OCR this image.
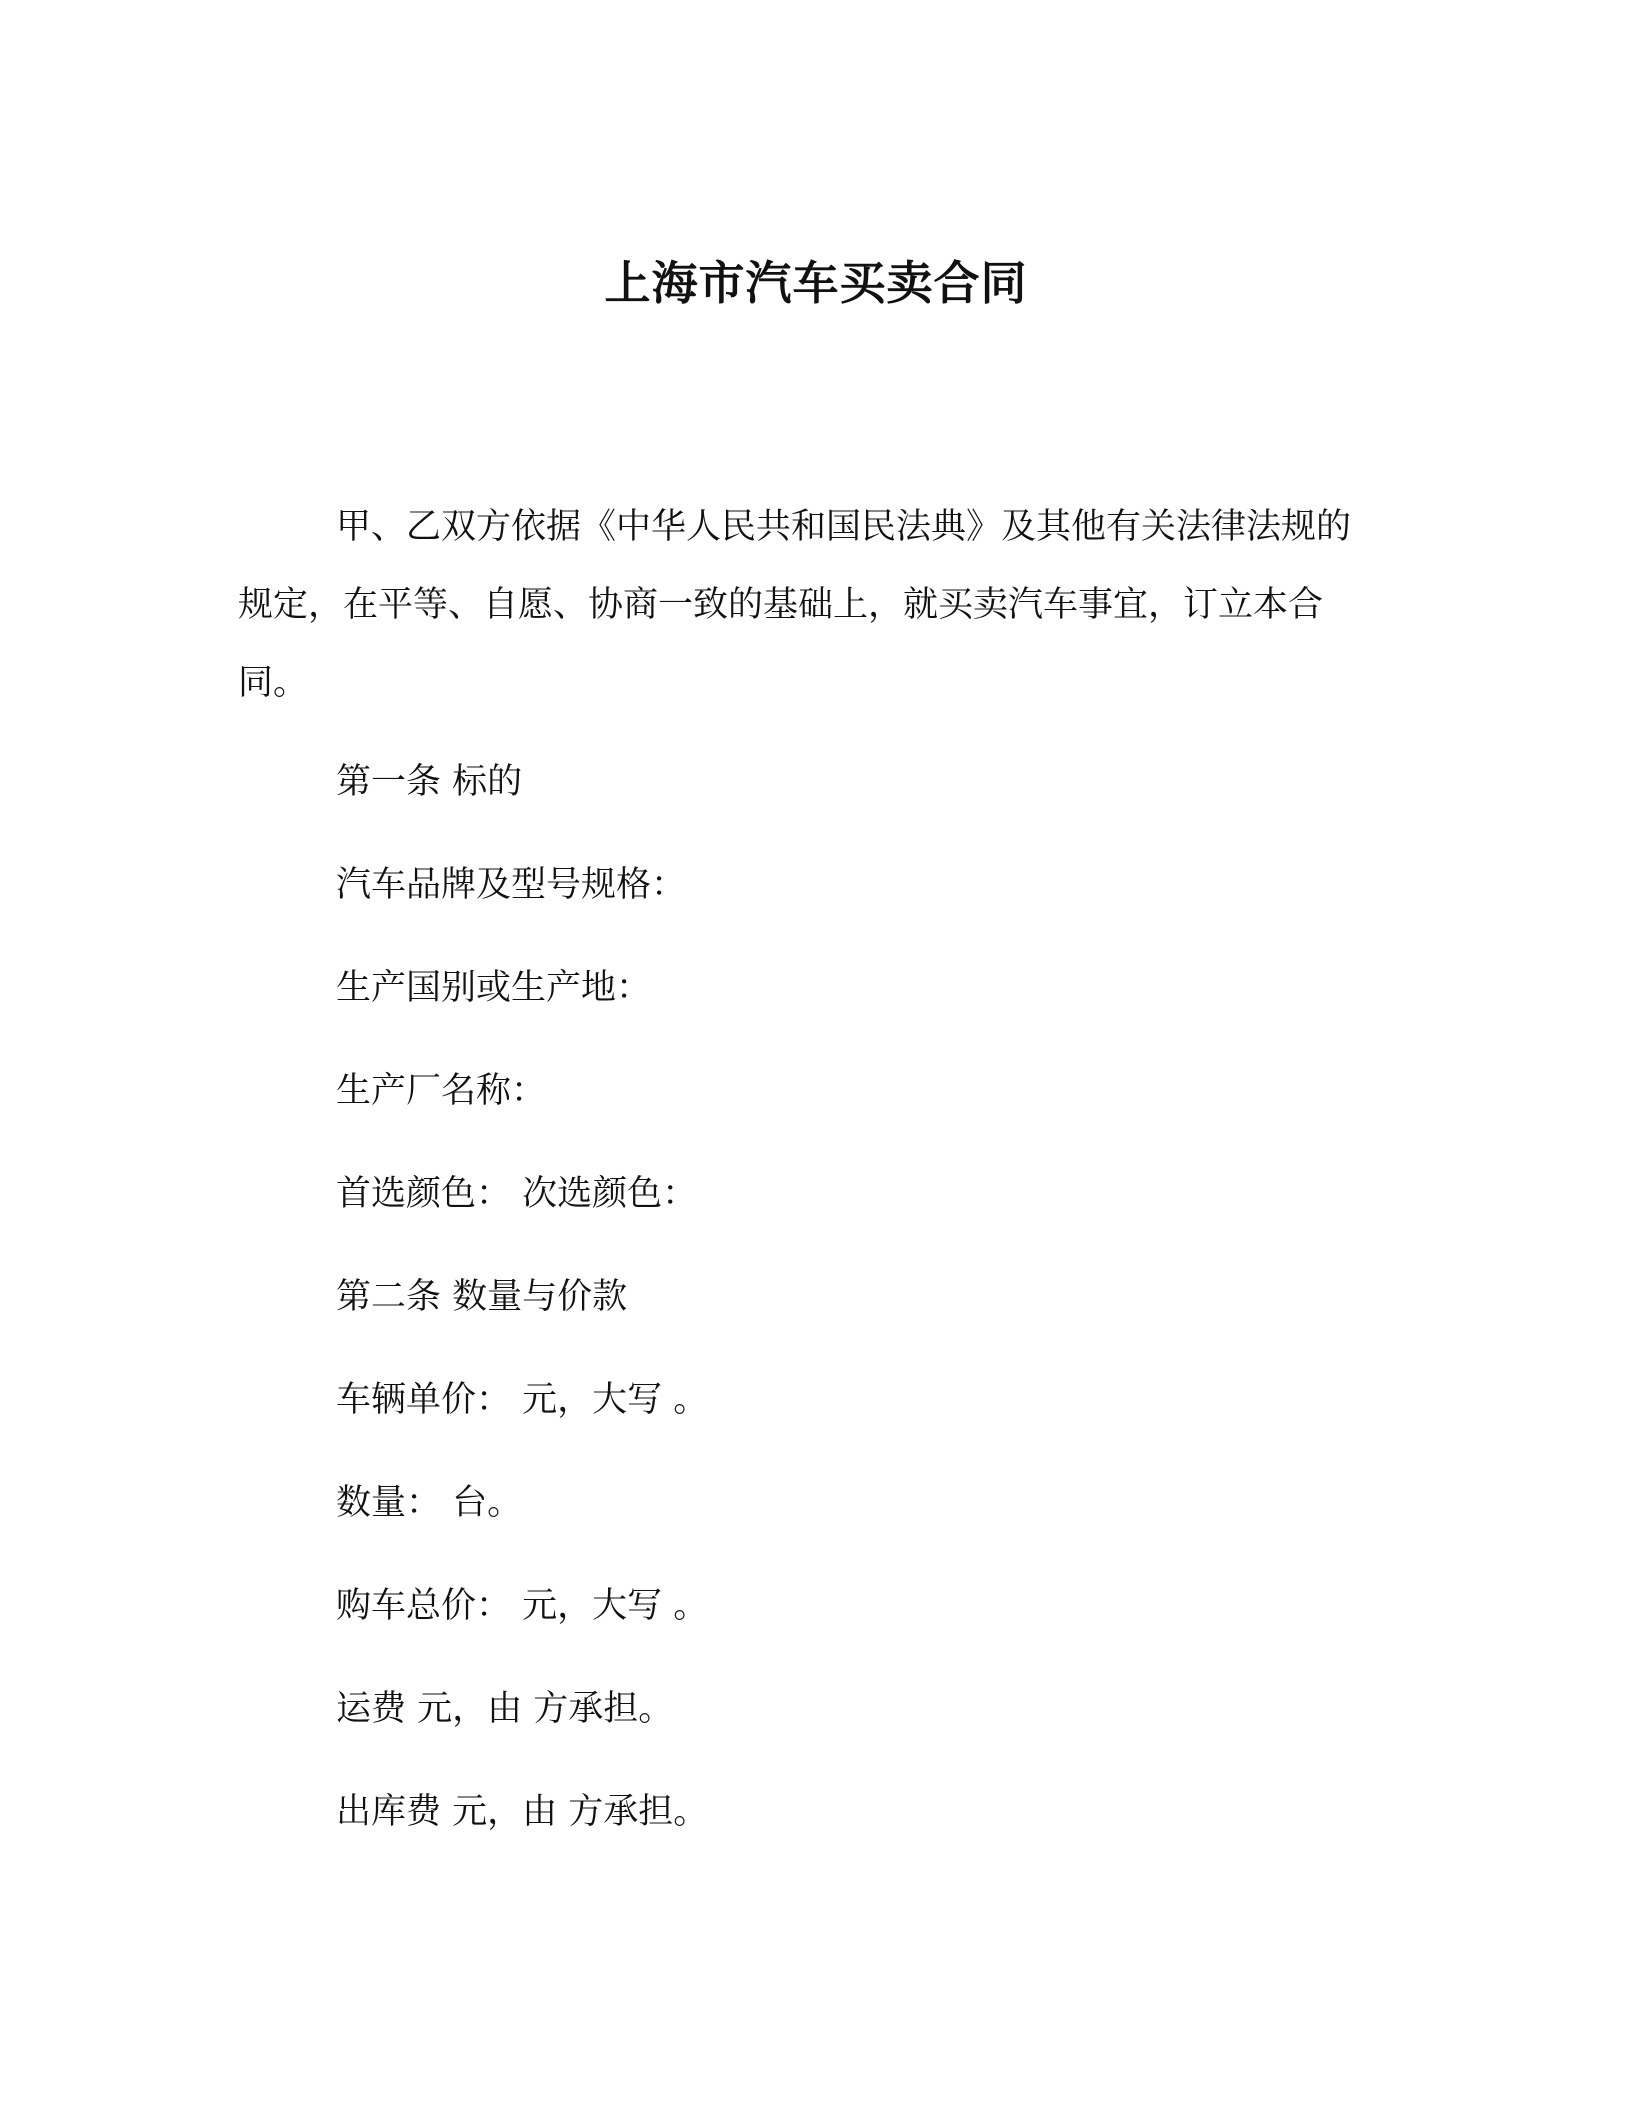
上海市汽车买卖合同

甲、乙双方依据《中华人民共和国民法典》及其他有关法律法规的规定，在平等、自愿、协商一致的基础上，就买卖汽车事宜，订立本合同。

第一条 标的

汽车品牌及型号规格：

生产国别或生产地：

生产厂名称：

首选颜色： 次选颜色：

第二条 数量与价款

车辆单价： 元，大写 。

数量： 台。

购车总价： 元，大写 。

运费 元，由 方承担。

出库费 元，由 方承担。
